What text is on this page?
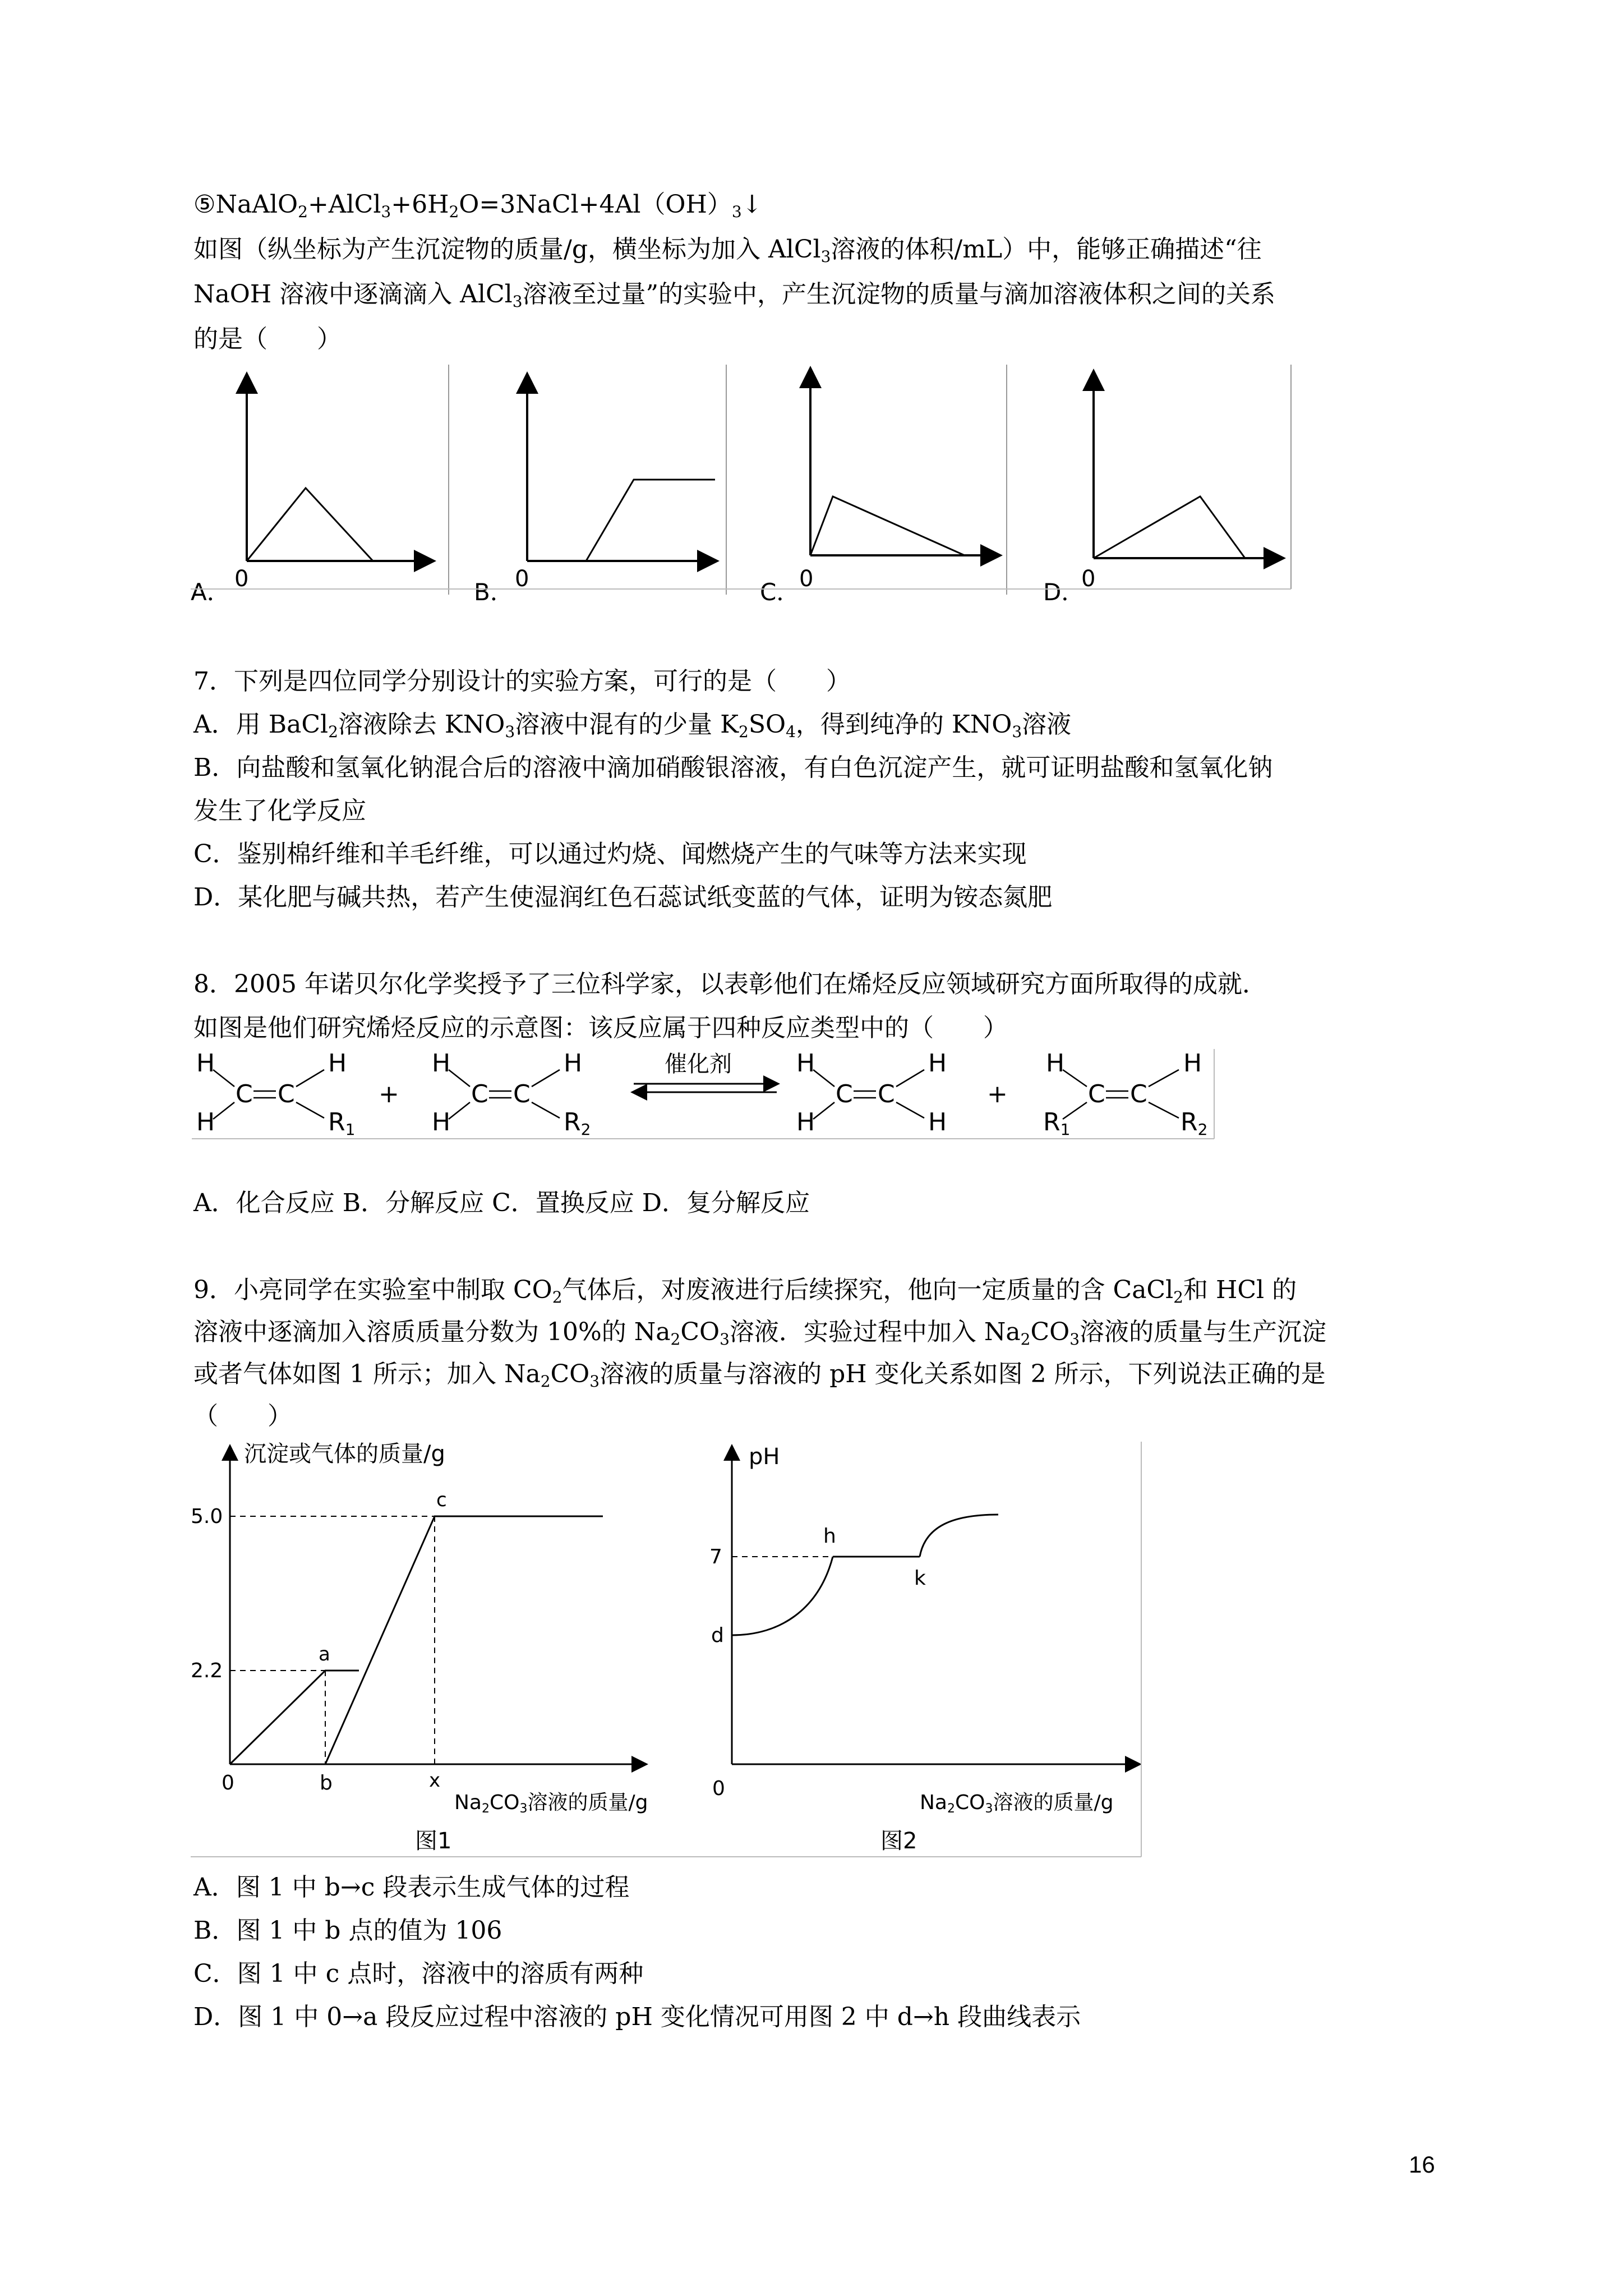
$⑤NaAlO_2+AlCl_3+6H_2O=3NaCl+4Al(OH)_3↓$
如图（纵坐标为产生沉淀物的质量/g，横坐标为加入 AlCl$_3$溶液的体积/mL）中，能够正确描述“往
NaOH 溶液中逐滴滴入 AlCl$_3$溶液至过量”的实验中，产生沉淀物的质量与滴加溶液体积之间的关系
的是（　　）
A． 0	B． 0	C．
0	D．
0
7．下列是四位同学分别设计的实验方案，可行的是（　　）
A．用 BaCl$_2$溶液除去 $KNO_3$溶液中混有的少量 $K_2SO_4$，得到纯净的 $KNO_3$溶液
B．向盐酸和氢氧化钠混合后的溶液中滴加硝酸银溶液，有白色沉淀产生，就可证明盐酸和氢氧化钠
发生了化学反应
C．鉴别棉纤维和羊毛纤维，可以通过灼烧、闻燃烧产生的气味等方法来实现
D．某化肥与碱共热，若产生使湿润红色石蕊试纸变蓝的气体，证明为铵态氮肥
8．2005 年诺贝尔化学奖授予了三位科学家，以表彰他们在烯烃反应领域研究方面所取得的成就．
如图是他们研究烯烃反应的示意图：该反应属于四种反应类型中的（　　）
H
H
C C
H
R1
+
H
H
C C
H
R2
催化剂	H
H
C C
H
H
+
H
R1
C C
H
R2
A．化合反应 B．分解反应 C．置换反应 D．复分解反应
9．小亮同学在实验室中制取 $CO_2$气体后，对废液进行后续探究，他向一定质量的含 CaCl$_2$和 HCl 的
溶液中逐滴加入溶质质量分数为 10%的 $Na_2CO_3$溶液．实验过程中加入 $Na_2CO_3$溶液的质量与生产沉淀
或者气体如图 1 所示；加入 $Na_2CO_3$溶液的质量与溶液的 pH 变化关系如图 2 所示，下列说法正确的是
（　　）
沉淀或气体的质量/g
5.0
2.2
0
a
b
c
x
Na2CO3溶液的质量/g
图1
pH
7
d
h
k
0
Na2CO3溶液的质量/g
图2
A．图 1 中 b→c 段表示生成气体的过程
B．图 1 中 b 点的值为 106
C．图 1 中 c 点时，溶液中的溶质有两种
D．图 1 中 0→a 段反应过程中溶液的 pH 变化情况可用图 2 中 d→h 段曲线表示
16
